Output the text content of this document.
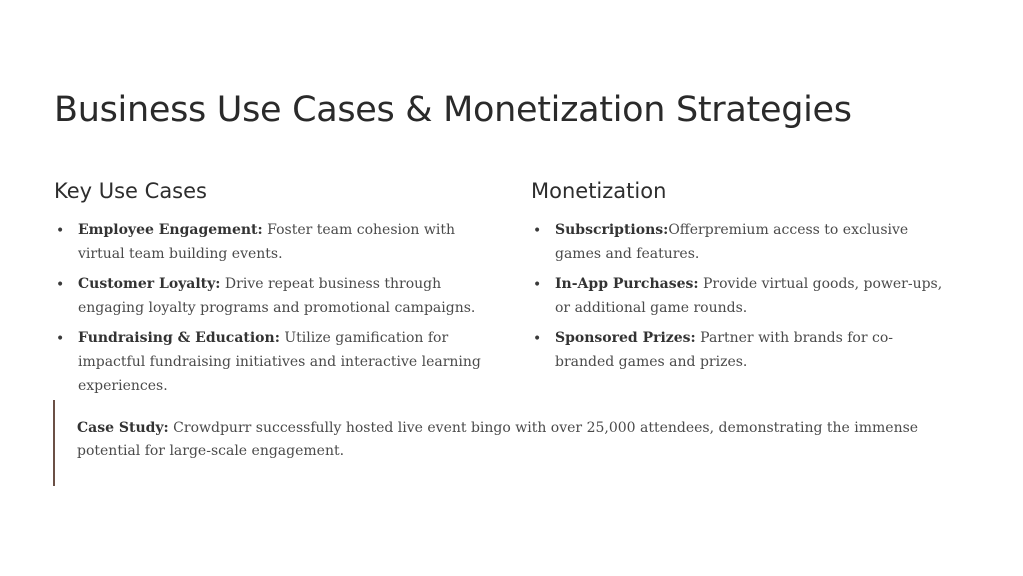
Business Use Cases & Monetization Strategies
Key Use Cases
• Employee Engagement: Foster team cohesion with virtual team building events.
• Customer Loyalty: Drive repeat business through engaging loyalty programs and promotional campaigns.
• Fundraising & Education: Utilize gamification for impactful fundraising initiatives and interactive learning experiences.
Monetization
• Subscriptions:Offerpremium access to exclusive games and features.
• In-App Purchases: Provide virtual goods, power-ups, or additional game rounds.
• Sponsored Prizes: Partner with brands for co-branded games and prizes.
Case Study: Crowdpurr successfully hosted live event bingo with over 25,000 attendees, demonstrating the immense potential for large-scale engagement.
